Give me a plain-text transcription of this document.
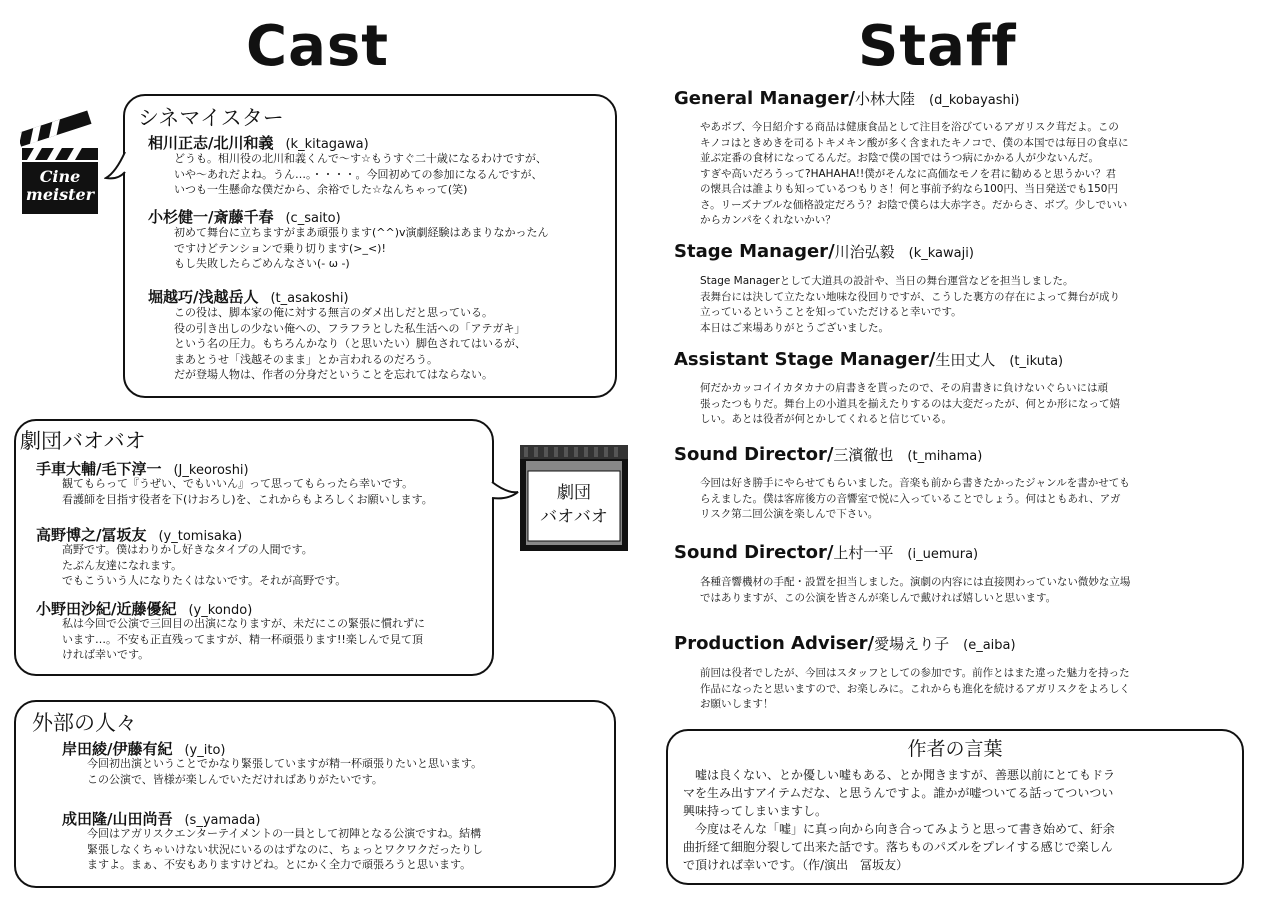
Cast	Staff
Cine
meister
シネマイスター
相川正志/北川和義 (k_kitagawa)
どうも。相川役の北川和義くんで～す☆もうすぐ二十歳になるわけですが、
いや～あれだよね。うん…。・・・・。今回初めての参加になるんですが、
いつも一生懸命な僕だから、余裕でした☆なんちゃって(笑)
小杉健一/斎藤千春 (c_saito)
初めて舞台に立ちますがまあ頑張ります(^^)v演劇経験はあまりなかったん
ですけどテンションで乗り切ります(>_<)!
もし失敗したらごめんなさい(- ω -)
堀越巧/浅越岳人 (t_asakoshi)
この役は、脚本家の俺に対する無言のダメ出しだと思っている。
役の引き出しの少ない俺への、フラフラとした私生活への「アテガキ」
という名の圧力。もちろんかなり（と思いたい）脚色されてはいるが、
まあとうせ「浅越そのまま」とか言われるのだろう。
だが登場人物は、作者の分身だということを忘れてはならない。
劇団バオバオ
手車大輔/毛下淳一 (J_keoroshi)
観てもらって『うぜい、でもいいん』って思ってもらったら幸いです。
看護師を目指す役者を下(けおろし)を、これからもよろしくお願いします。
高野博之/冨坂友 (y_tomisaka)
高野です。僕はわりかし好きなタイプの人間です。
たぶん友達になれます。
でもこういう人になりたくはないです。それが高野です。
小野田沙紀/近藤優紀 (y_kondo)
私は今回で公演で三回目の出演になりますが、未だにこの緊張に慣れずに
います…。不安も正直残ってますが、精一杯頑張ります!!楽しんで見て頂
ければ幸いです。
劇団
バオバオ
外部の人々
岸田綾/伊藤有紀 (y_ito)
今回初出演ということでかなり緊張していますが精一杯頑張りたいと思います。
この公演で、皆様が楽しんでいただければありがたいです。
成田隆/山田尚吾 (s_yamada)
今回はアガリスクエンターテイメントの一員として初陣となる公演ですね。結構
緊張しなくちゃいけない状況にいるのはずなのに、ちょっとワクワクだったりし
ますよ。まぁ、不安もありますけどね。とにかく全力で頑張ろうと思います。
General Manager/小林大陸 (d_kobayashi)
やあボブ、今日紹介する商品は健康食品として注目を浴びているアガリスク茸だよ。この
キノコはときめきを司るトキメキン酸が多く含まれたキノコで、僕の本国では毎日の食卓に
並ぶ定番の食材になってるんだ。お陰で僕の国ではうつ病にかかる人が少ないんだ。
すぎや高いだろうって?HAHAHA!!僕がそんなに高価なモノを君に勧めると思うかい？君
の懐具合は誰よりも知っているつもりさ！何と事前予約なら100円、当日発送でも150円
さ。リーズナブルな価格設定だろう？お陰で僕らは大赤字さ。だからさ、ボブ。少しでいい
からカンパをくれないかい？
Stage Manager/川治弘毅 (k_kawaji)
Stage Managerとして大道具の設計や、当日の舞台運営などを担当しました。
表舞台には決して立たない地味な役回りですが、こうした裏方の存在によって舞台が成り
立っているということを知っていただけると幸いです。
本日はご来場ありがとうございました。
Assistant Stage Manager/生田丈人 (t_ikuta)
何だかカッコイイカタカナの肩書きを貰ったので、その肩書きに負けないぐらいには頑
張ったつもりだ。舞台上の小道具を揃えたりするのは大変だったが、何とか形になって嬉
しい。あとは役者が何とかしてくれると信じている。
Sound Director/三濱徹也 (t_mihama)
今回は好き勝手にやらせてもらいました。音楽も前から書きたかったジャンルを書かせても
らえました。僕は客席後方の音響室で悦に入っていることでしょう。何はともあれ、アガ
リスク第二回公演を楽しんで下さい。
Sound Director/上村一平 (i_uemura)
各種音響機材の手配・設置を担当しました。演劇の内容には直接関わっていない微妙な立場
ではありますが、この公演を皆さんが楽しんで戴ければ嬉しいと思います。
Production Adviser/愛場えり子 (e_aiba)
前回は役者でしたが、今回はスタッフとしての参加です。前作とはまた違った魅力を持った
作品になったと思いますので、お楽しみに。これからも進化を続けるアガリスクをよろしく
お願いします！
作者の言葉
　嘘は良くない、とか優しい嘘もある、とか聞きますが、善悪以前にとてもドラ
マを生み出すアイテムだな、と思うんですよ。誰かが嘘ついてる話ってついつい
興味持ってしまいますし。
　今度はそんな「嘘」に真っ向から向き合ってみようと思って書き始めて、紆余
曲折経て細胞分裂して出来た話です。落ちものパズルをプレイする感じで楽しん
で頂ければ幸いです。（作/演出　冨坂友）
